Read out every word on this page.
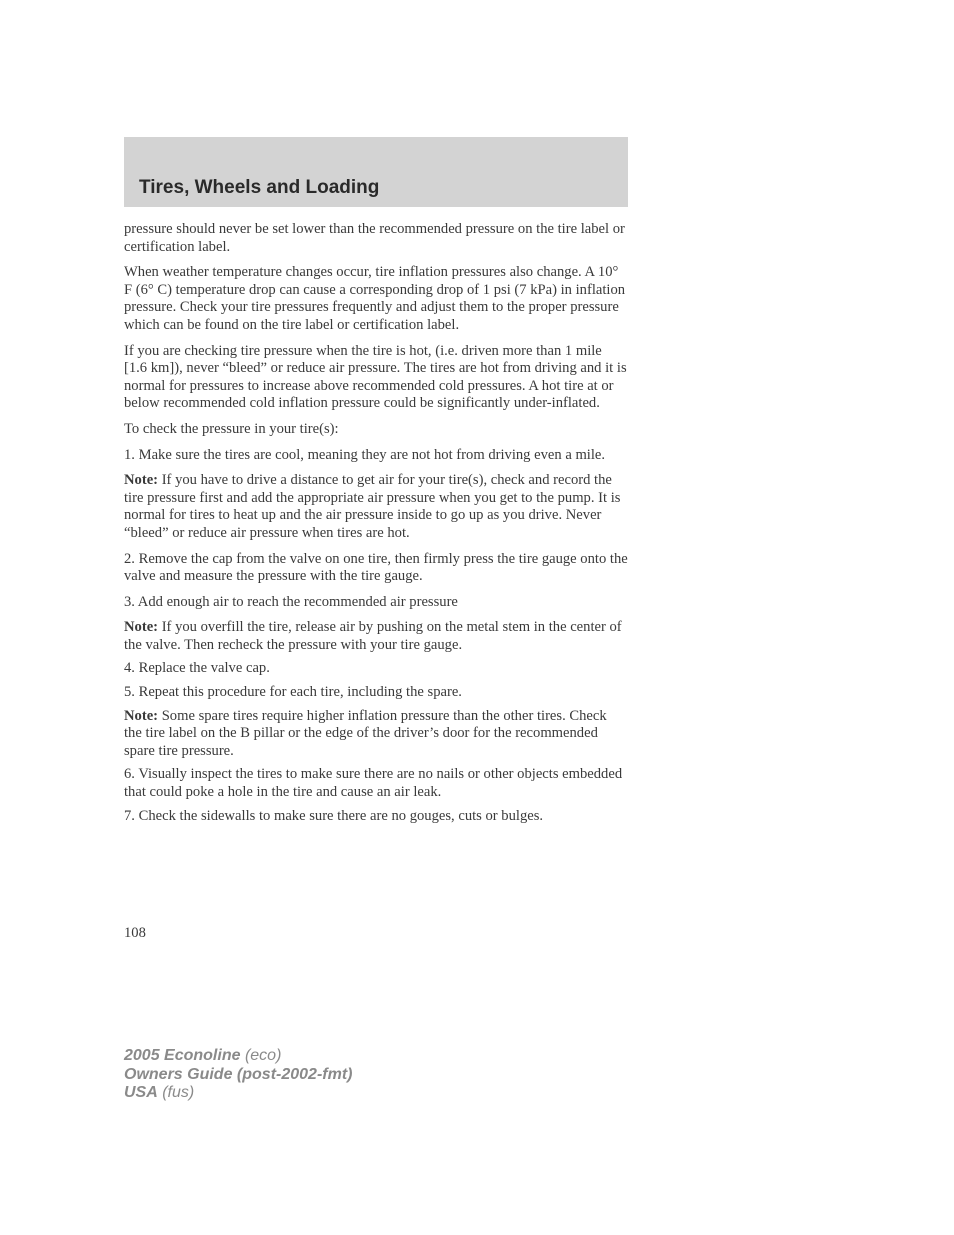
Tires, Wheels and Loading

pressure should never be set lower than the recommended pressure on the tire label or certification label.

When weather temperature changes occur, tire inflation pressures also change. A 10° F (6° C) temperature drop can cause a corresponding drop of 1 psi (7 kPa) in inflation pressure. Check your tire pressures frequently and adjust them to the proper pressure which can be found on the tire label or certification label.

If you are checking tire pressure when the tire is hot, (i.e. driven more than 1 mile [1.6 km]), never “bleed” or reduce air pressure. The tires are hot from driving and it is normal for pressures to increase above recommended cold pressures. A hot tire at or below recommended cold inflation pressure could be significantly under-inflated.

To check the pressure in your tire(s):

1. Make sure the tires are cool, meaning they are not hot from driving even a mile.

Note: If you have to drive a distance to get air for your tire(s), check and record the tire pressure first and add the appropriate air pressure when you get to the pump. It is normal for tires to heat up and the air pressure inside to go up as you drive. Never “bleed” or reduce air pressure when tires are hot.

2. Remove the cap from the valve on one tire, then firmly press the tire gauge onto the valve and measure the pressure with the tire gauge.

3. Add enough air to reach the recommended air pressure

Note: If you overfill the tire, release air by pushing on the metal stem in the center of the valve. Then recheck the pressure with your tire gauge.

4. Replace the valve cap.

5. Repeat this procedure for each tire, including the spare.

Note: Some spare tires require higher inflation pressure than the other tires. Check the tire label on the B pillar or the edge of the driver’s door for the recommended spare tire pressure.

6. Visually inspect the tires to make sure there are no nails or other objects embedded that could poke a hole in the tire and cause an air leak.

7. Check the sidewalls to make sure there are no gouges, cuts or bulges.

108
2005 Econoline (eco)
Owners Guide (post-2002-fmt)
USA (fus)
